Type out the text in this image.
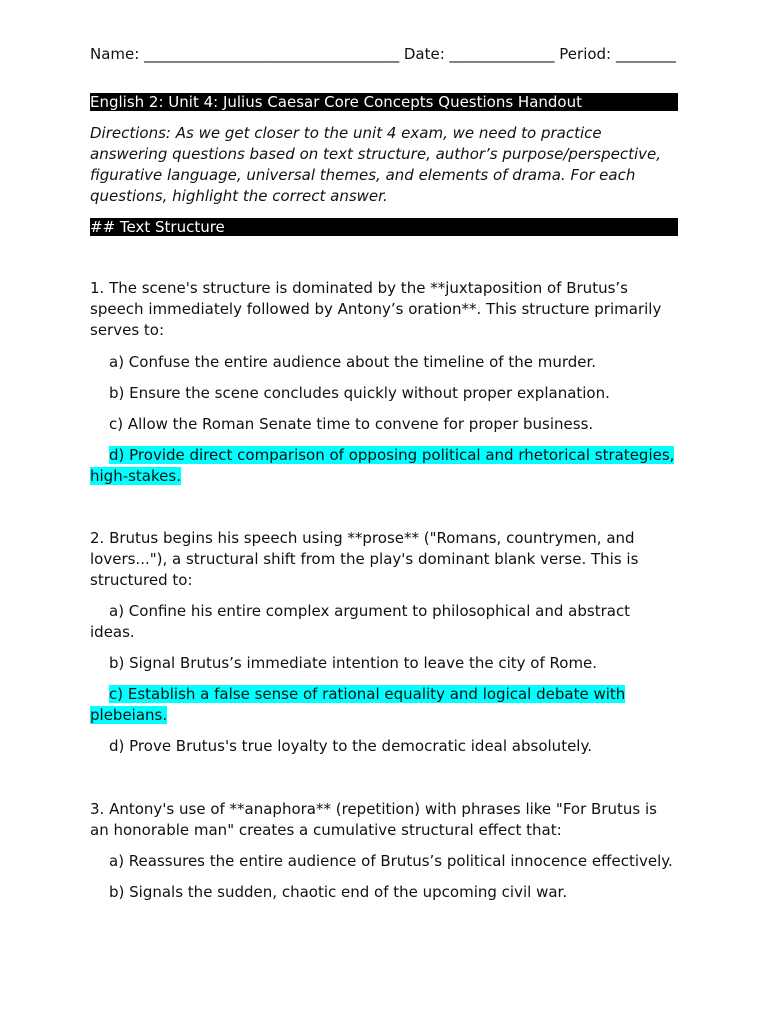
Name: __________________________________ Date: ______________ Period: ________
English 2: Unit 4: Julius Caesar Core Concepts Questions Handout
Directions: As we get closer to the unit 4 exam, we need to practice answering questions based on text structure, author’s purpose/perspective, figurative language, universal themes, and elements of drama. For each questions, highlight the correct answer.
## Text Structure
1. The scene's structure is dominated by the **juxtaposition of Brutus’s speech immediately followed by Antony’s oration**. This structure primarily serves to:
a) Confuse the entire audience about the timeline of the murder.
b) Ensure the scene concludes quickly without proper explanation.
c) Allow the Roman Senate time to convene for proper business.
d) Provide direct comparison of opposing political and rhetorical strategies, high-stakes.
2. Brutus begins his speech using **prose** ("Romans, countrymen, and lovers..."), a structural shift from the play's dominant blank verse. This is structured to:
a) Confine his entire complex argument to philosophical and abstract ideas.
b) Signal Brutus’s immediate intention to leave the city of Rome.
c) Establish a false sense of rational equality and logical debate with plebeians.
d) Prove Brutus's true loyalty to the democratic ideal absolutely.
3. Antony's use of **anaphora** (repetition) with phrases like "For Brutus is an honorable man" creates a cumulative structural effect that:
a) Reassures the entire audience of Brutus’s political innocence effectively.
b) Signals the sudden, chaotic end of the upcoming civil war.
